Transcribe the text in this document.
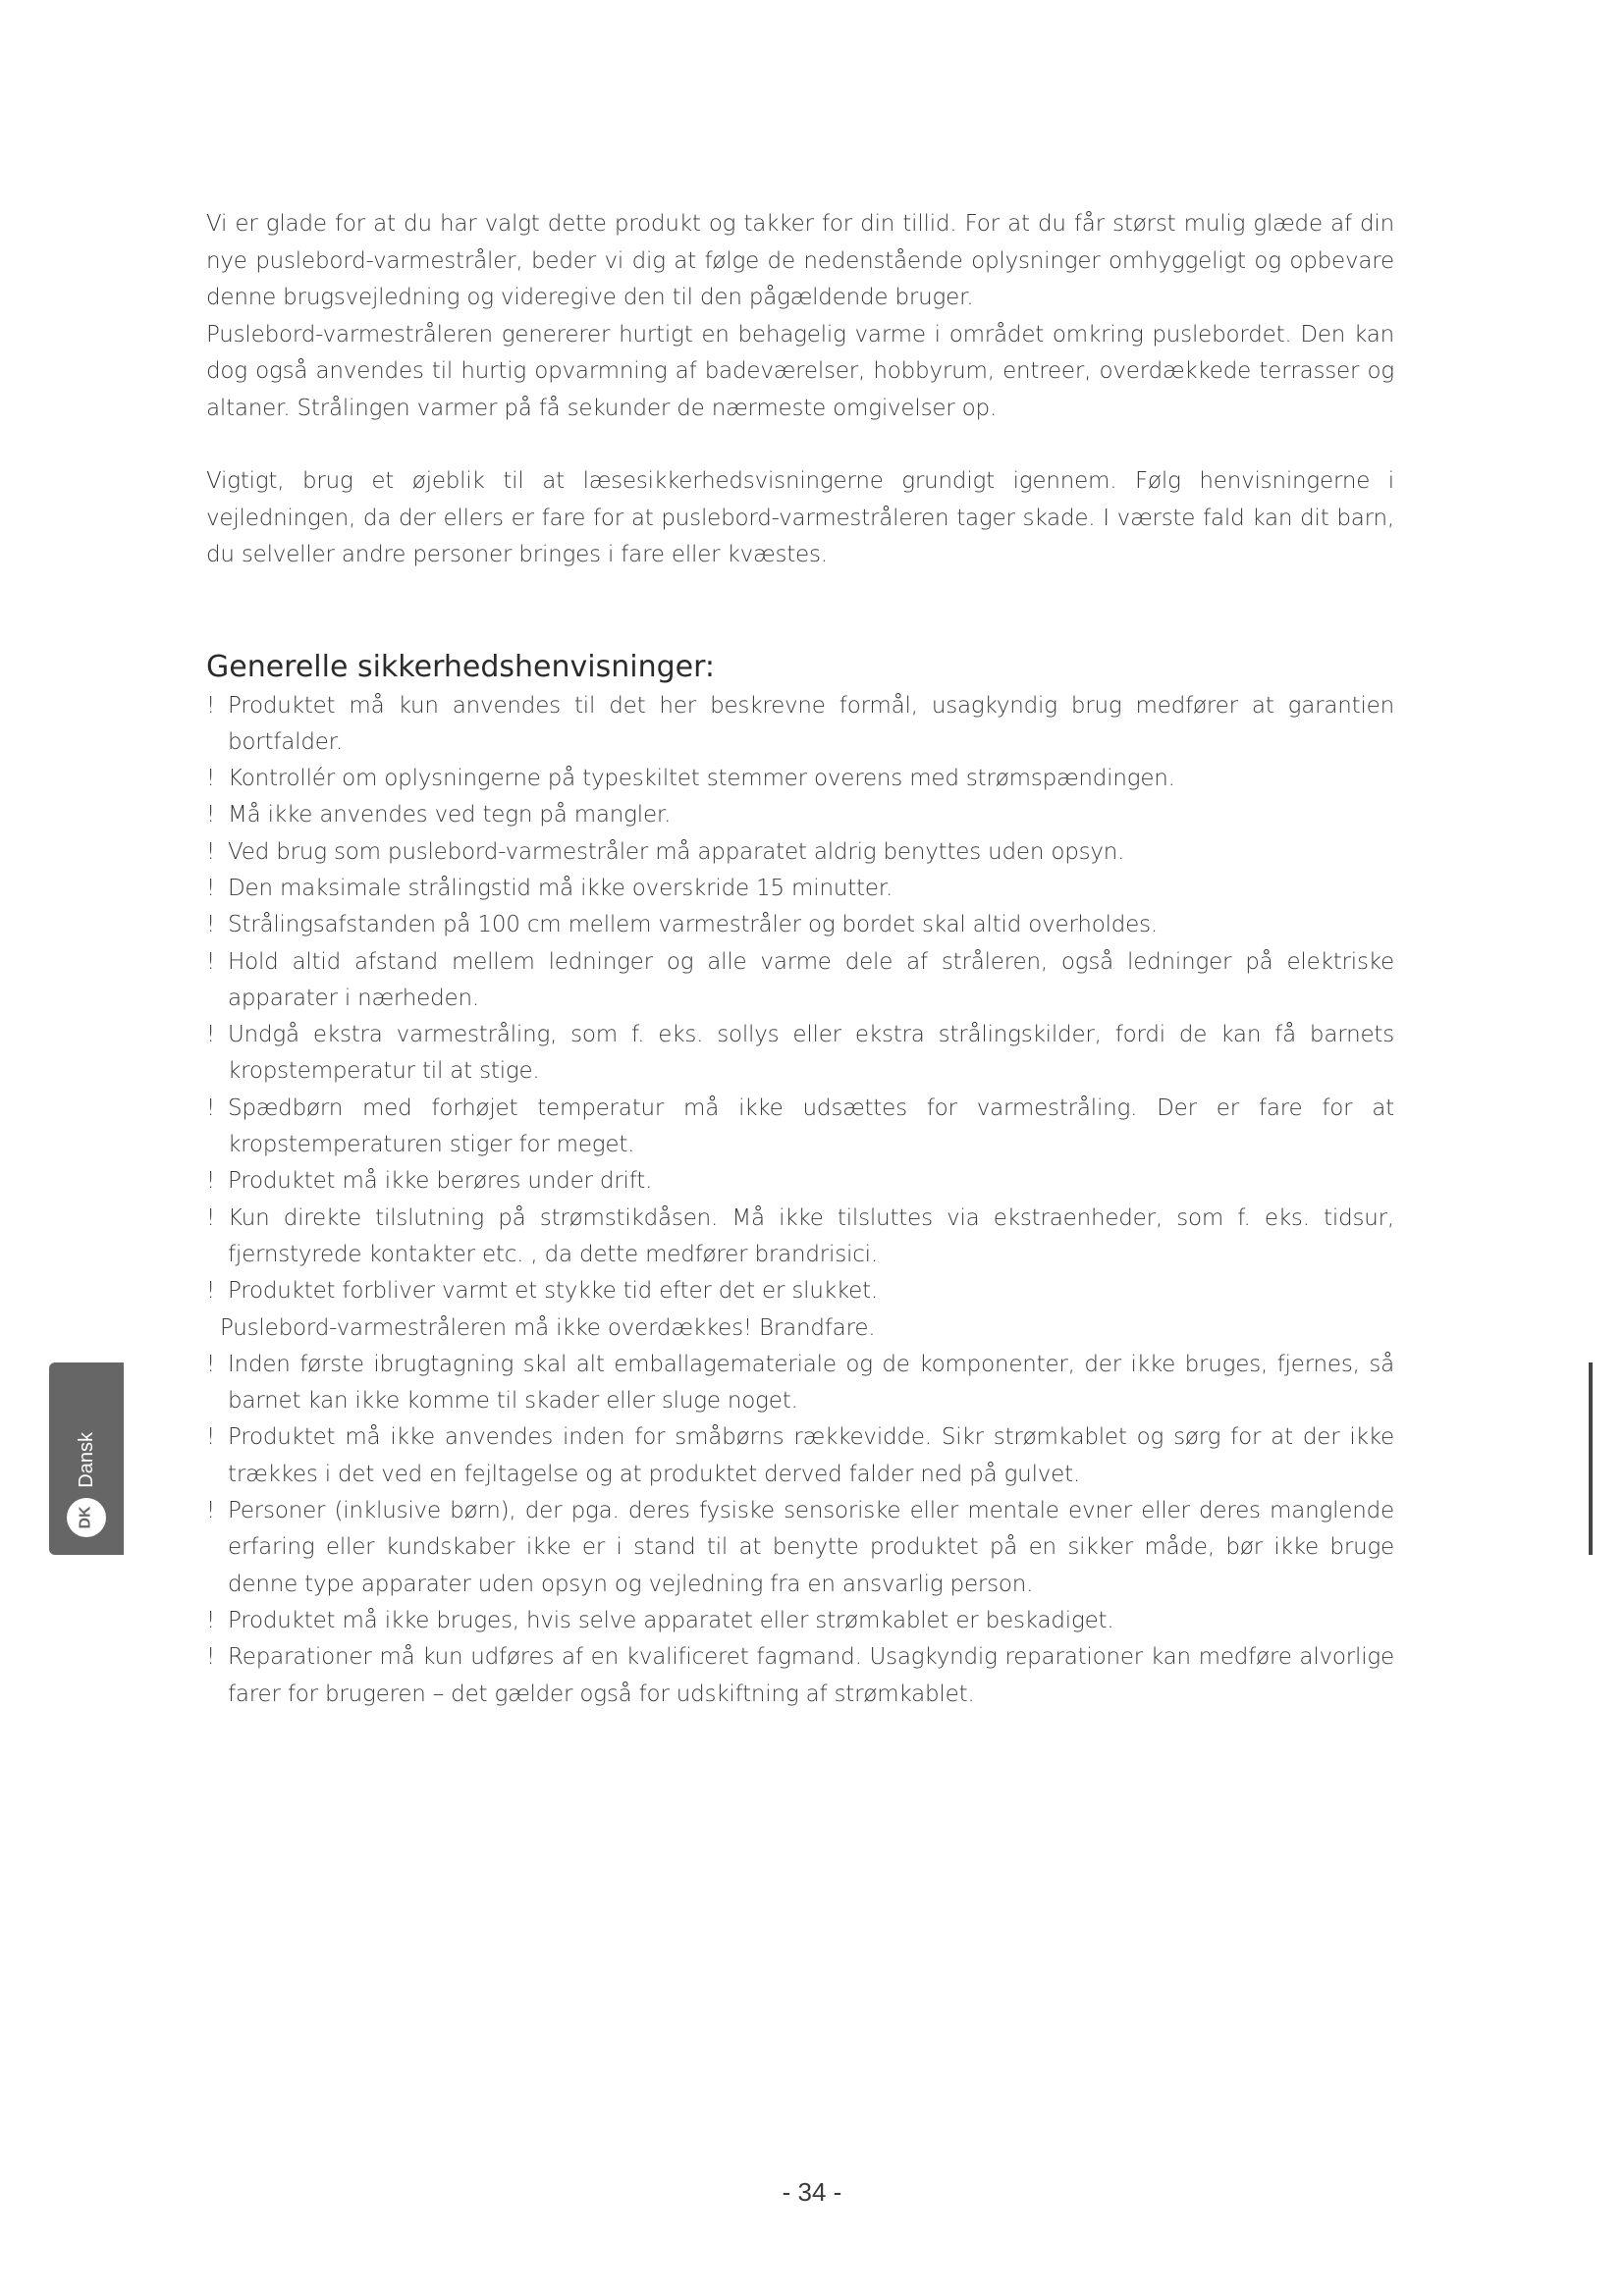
Vi er glade for at du har valgt dette produkt og takker for din tillid. For at du får størst mulig glæde af din nye puslebord-varmestråler, beder vi dig at følge de nedenstående oplysninger omhyggeligt og opbevare denne brugsvejledning og videregive den til den pågældende bruger.

Puslebord-varmestråleren genererer hurtigt en behagelig varme i området omkring puslebordet. Den kan dog også anvendes til hurtig opvarmning af badeværelser, hobbyrum, entreer, overdækkede terrasser og altaner. Strålingen varmer på få sekunder de nærmeste omgivelser op.

Vigtigt, brug et øjeblik til at læsesikkerhedsvisningerne grundigt igennem. Følg henvisningerne i vejledningen, da der ellers er fare for at puslebord-varmestråleren tager skade. I værste fald kan dit barn, du selveller andre personer bringes i fare eller kvæstes.

Generelle sikkerhedshenvisninger:
! Produktet må kun anvendes til det her beskrevne formål, usagkyndig brug medfører at garantien bortfalder.
! Kontrollér om oplysningerne på typeskiltet stemmer overens med strømspændingen.
! Må ikke anvendes ved tegn på mangler.
! Ved brug som puslebord-varmestråler må apparatet aldrig benyttes uden opsyn.
! Den maksimale strålingstid må ikke overskride 15 minutter.
! Strålingsafstanden på 100 cm mellem varmestråler og bordet skal altid overholdes.
! Hold altid afstand mellem ledninger og alle varme dele af stråleren, også ledninger på elektriske apparater i nærheden.
! Undgå ekstra varmestråling, som f. eks. sollys eller ekstra strålingskilder, fordi de kan få barnets kropstemperatur til at stige.
! Spædbørn med forhøjet temperatur må ikke udsættes for varmestråling. Der er fare for at kropstemperaturen stiger for meget.
! Produktet må ikke berøres under drift.
! Kun direkte tilslutning på strømstikdåsen. Må ikke tilsluttes via ekstraenheder, som f. eks. tidsur, fjernstyrede kontakter etc. , da dette medfører brandrisici.
! Produktet forbliver varmt et stykke tid efter det er slukket.
Puslebord-varmestråleren må ikke overdækkes! Brandfare.
! Inden første ibrugtagning skal alt emballagemateriale og de komponenter, der ikke bruges, fjernes, så barnet kan ikke komme til skader eller sluge noget.
! Produktet må ikke anvendes inden for småbørns rækkevidde. Sikr strømkablet og sørg for at der ikke trækkes i det ved en fejltagelse og at produktet derved falder ned på gulvet.
! Personer (inklusive børn), der pga. deres fysiske sensoriske eller mentale evner eller deres manglende erfaring eller kundskaber ikke er i stand til at benytte produktet på en sikker måde, bør ikke bruge denne type apparater uden opsyn og vejledning fra en ansvarlig person.
! Produktet må ikke bruges, hvis selve apparatet eller strømkablet er beskadiget.
! Reparationer må kun udføres af en kvalificeret fagmand. Usagkyndig reparationer kan medføre alvorlige farer for brugeren – det gælder også for udskiftning af strømkablet.
Dansk
DK
- 34 -
